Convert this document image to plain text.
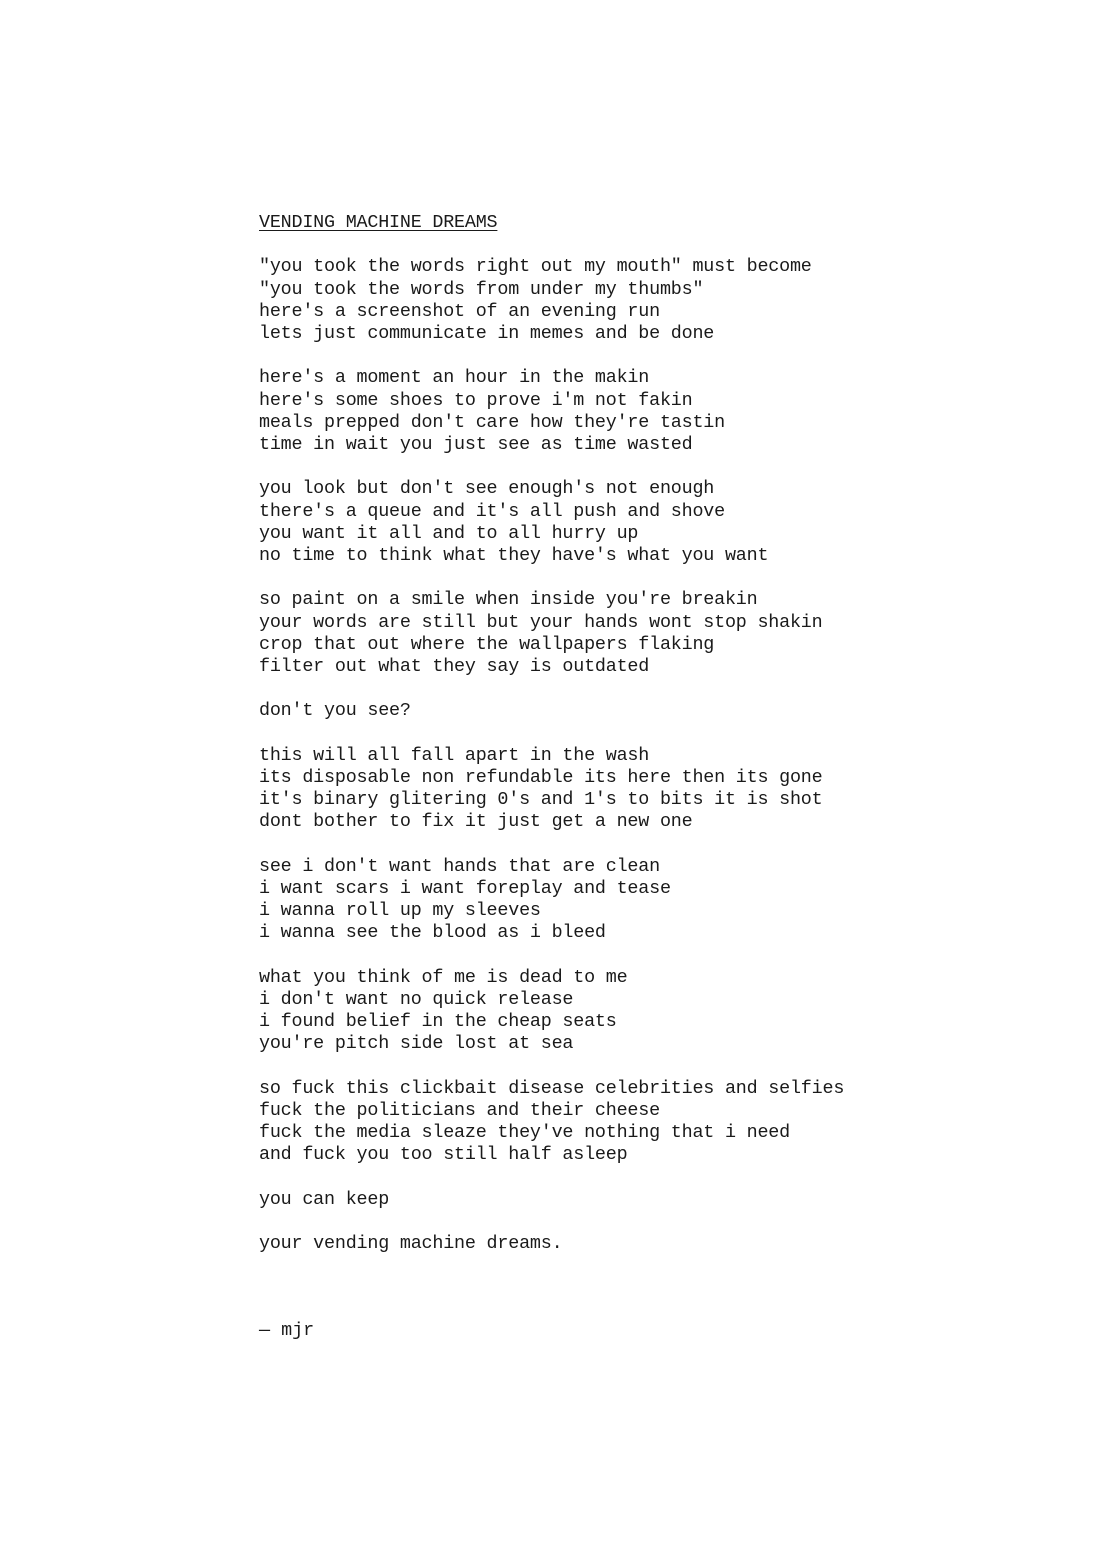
VENDING MACHINE DREAMS

"you took the words right out my mouth" must become
"you took the words from under my thumbs"
here's a screenshot of an evening run
lets just communicate in memes and be done

here's a moment an hour in the makin
here's some shoes to prove i'm not fakin
meals prepped don't care how they're tastin
time in wait you just see as time wasted

you look but don't see enough's not enough
there's a queue and it's all push and shove
you want it all and to all hurry up
no time to think what they have's what you want

so paint on a smile when inside you're breakin
your words are still but your hands wont stop shakin
crop that out where the wallpapers flaking
filter out what they say is outdated

don't you see?

this will all fall apart in the wash
its disposable non refundable its here then its gone
it's binary glitering 0's and 1's to bits it is shot
dont bother to fix it just get a new one

see i don't want hands that are clean
i want scars i want foreplay and tease
i wanna roll up my sleeves
i wanna see the blood as i bleed

what you think of me is dead to me
i don't want no quick release
i found belief in the cheap seats
you're pitch side lost at sea

so fuck this clickbait disease celebrities and selfies
fuck the politicians and their cheese
fuck the media sleaze they've nothing that i need
and fuck you too still half asleep

you can keep

your vending machine dreams.

— mjr
